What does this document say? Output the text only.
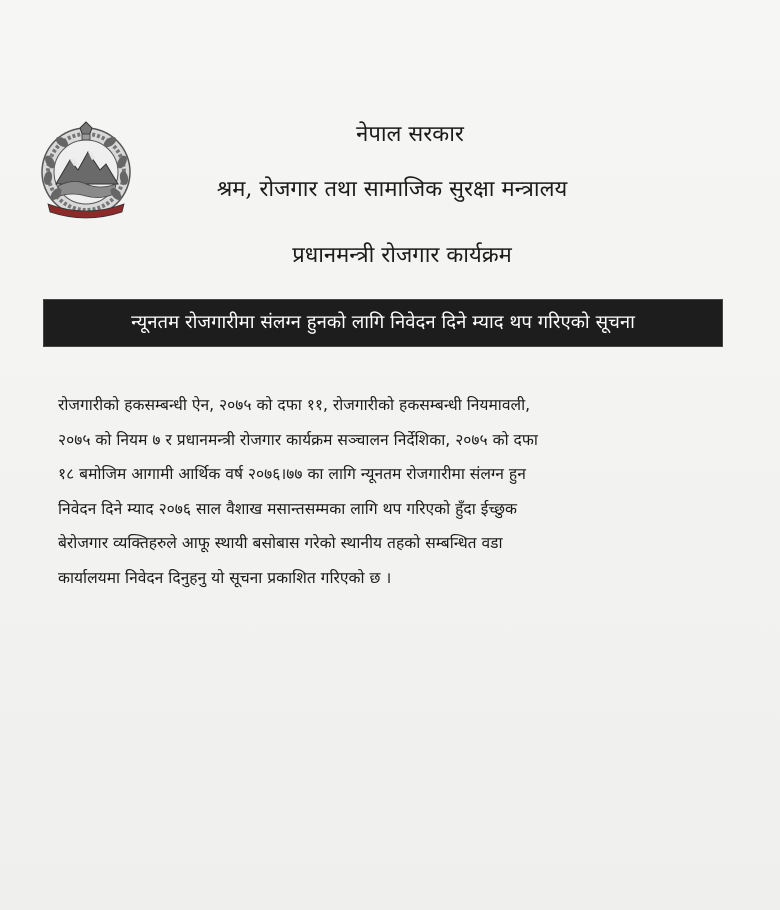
नेपाल सरकार
श्रम, रोजगार तथा सामाजिक सुरक्षा मन्त्रालय
प्रधानमन्त्री रोजगार कार्यक्रम
न्यूनतम रोजगारीमा संलग्न हुनको लागि निवेदन दिने म्याद थप गरिएको सूचना
रोजगारीको हकसम्बन्धी ऐन, २०७५ को दफा ११, रोजगारीको हकसम्बन्धी नियमावली,
२०७५ को नियम ७ र प्रधानमन्त्री रोजगार कार्यक्रम सञ्चालन निर्देशिका, २०७५ को दफा
१८ बमोजिम आगामी आर्थिक वर्ष २०७६।७७ का लागि न्यूनतम रोजगारीमा संलग्न हुन
निवेदन दिने म्याद २०७६ साल वैशाख मसान्तसम्मका लागि थप गरिएको हुँदा ईच्छुक
बेरोजगार व्यक्तिहरुले आफू स्थायी बसोबास गरेको स्थानीय तहको सम्बन्धित वडा
कार्यालयमा निवेदन दिनुहनु यो सूचना प्रकाशित गरिएको छ ।
